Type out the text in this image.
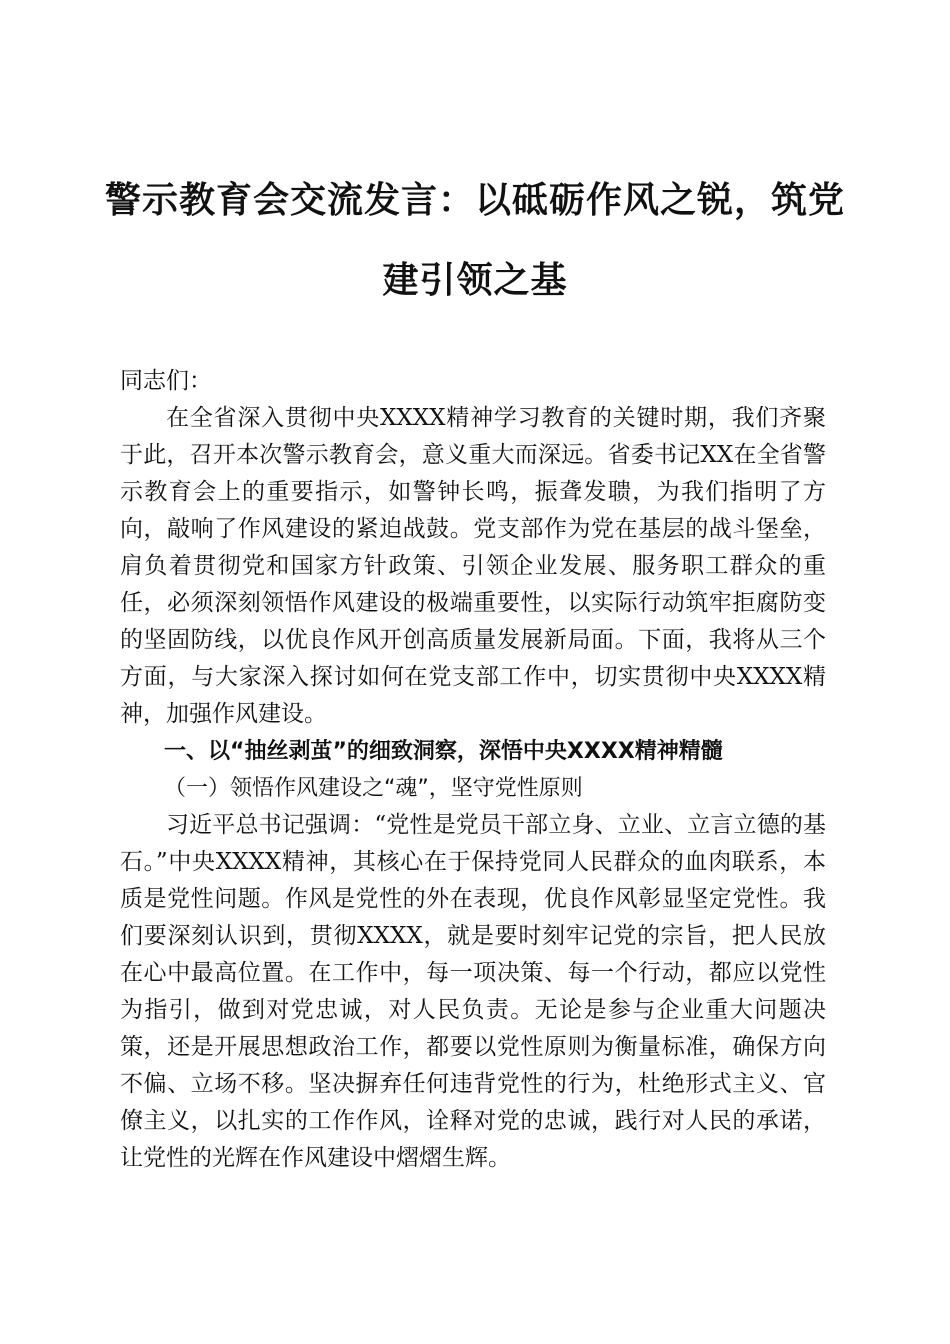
警示教育会交流发言：以砥砺作风之锐，筑党
建引领之基

同志们：

在全省深入贯彻中央XXXX精神学习教育的关键时期，我们齐聚于此，召开本次警示教育会，意义重大而深远。省委书记XX在全省警示教育会上的重要指示，如警钟长鸣，振聋发聩，为我们指明了方向，敲响了作风建设的紧迫战鼓。党支部作为党在基层的战斗堡垒，肩负着贯彻党和国家方针政策、引领企业发展、服务职工群众的重任，必须深刻领悟作风建设的极端重要性，以实际行动筑牢拒腐防变的坚固防线，以优良作风开创高质量发展新局面。下面，我将从三个方面，与大家深入探讨如何在党支部工作中，切实贯彻中央XXXX精神，加强作风建设。

一、以“抽丝剥茧”的细致洞察，深悟中央XXXX精神精髓

（一）领悟作风建设之“魂”，坚守党性原则

习近平总书记强调：“党性是党员干部立身、立业、立言立德的基石。”中央XXXX精神，其核心在于保持党同人民群众的血肉联系，本质是党性问题。作风是党性的外在表现，优良作风彰显坚定党性。我们要深刻认识到，贯彻XXXX，就是要时刻牢记党的宗旨，把人民放在心中最高位置。在工作中，每一项决策、每一个行动，都应以党性为指引，做到对党忠诚，对人民负责。无论是参与企业重大问题决策，还是开展思想政治工作，都要以党性原则为衡量标准，确保方向不偏、立场不移。坚决摒弃任何违背党性的行为，杜绝形式主义、官僚主义，以扎实的工作作风，诠释对党的忠诚，践行对人民的承诺，让党性的光辉在作风建设中熠熠生辉。
